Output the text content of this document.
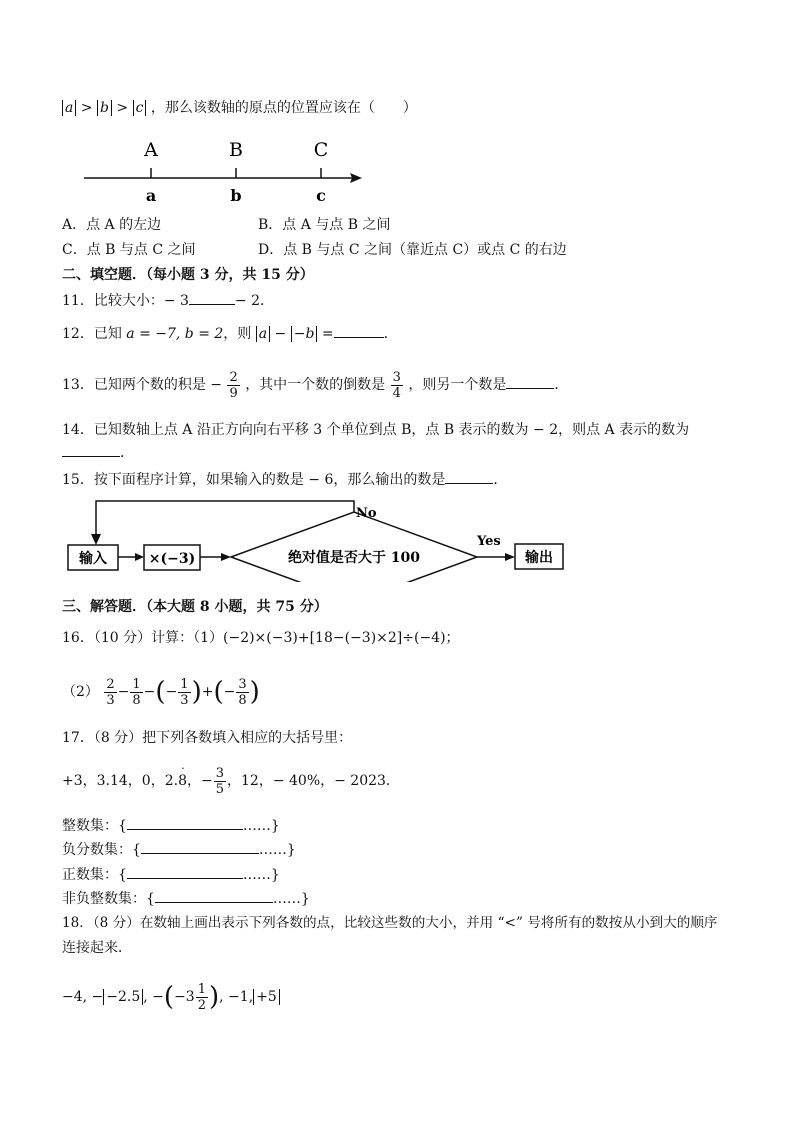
a > b > c ，那么该数轴的原点的位置应该在（　　）
A	B	C
a	b	c
A．点 A 的左边	B．点 A 与点 B 之间
C．点 B 与点 C 之间	D．点 B 与点 C 之间（靠近点 C）或点 C 的右边
二、填空题．（每小题 3 分，共 15 分）
11．比较大小：− 3	− 2．
12．已知 a = −7, b = 2，则 a − −b =	．
13．已知两个数的积是 − $\frac{2}{9}$ ，其中一个数的倒数是 $\frac{3}{4}$ ，则另一个数是	．
14．已知数轴上点 A 沿正方向向右平移 3 个单位到点 B，点 B 表示的数为 − 2，则点 A 表示的数为
．
15．按下面程序计算，如果输入的数是 − 6，那么输出的数是	．
输入	×(−3)	绝对值是否大于 100
No
Yes
输出
三、解答题．（本大题 8 小题，共 75 分）
16．（10 分）计算：（1）(−2)×(−3)+[18−(−3)×2]÷(−4)；
$(2) \frac{2}{3} - \frac{1}{8}$ −(− $\frac{1}{3}$ )+(− $\frac{3}{8}$ )
17．（8 分）把下列各数填入相应的大括号里：
+3，3.14，0，2.8
·
，− $\frac{3}{5}$ ，12，− 40%，− 2023．
整数集：{	……}
负分数集：{	……}
正数集：{	……}
非负整数集：{	……}
18．（8 分）在数轴上画出表示下列各数的点，比较这些数的大小，并用 “<” 号将所有的数按从小到大的顺序
连接起来．
−4, − −2.5 , $-(-3 \frac{1}{2}$ ), −1, +5
